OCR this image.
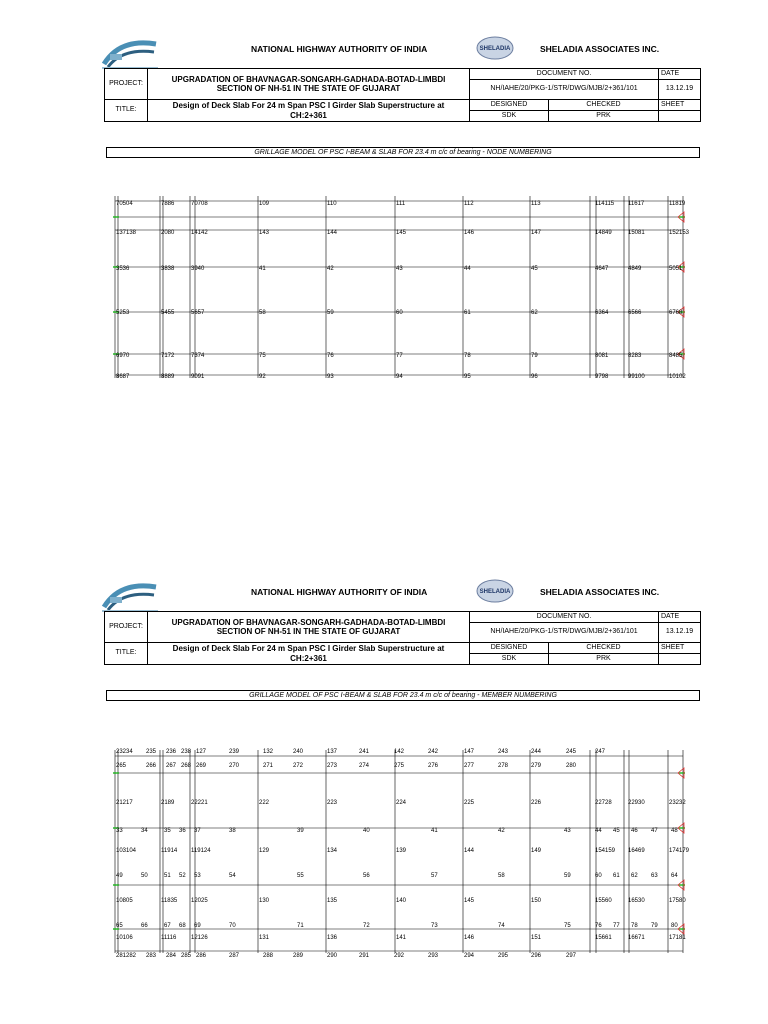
NATIONAL HIGHWAY AUTHORITY OF INDIA	SHELADIA	SHELADIA ASSOCIATES INC.
PROJECT:	UPGRADATION OF BHAVNAGAR-SONGARH-GADHADA-BOTAD-LIMBDI
SECTION OF NH-51 IN THE STATE OF GUJARAT	DOCUMENT NO.		DATE
		NH/IAHE/20/PKG-1/STR/DWG/MJB/2+361/101		13.12.19
TITLE:	Design of Deck Slab For 24 m Span PSC I Girder Slab Superstructure at
CH:2+361	DESIGNED	CHECKED	SHEET
		SDK	PRK	
GRILLAGE MODEL OF PSC I-BEAM & SLAB FOR 23.4 m c/c of bearing - NODE NUMBERING
70504	7886	70708	109	110	111	112	113	114115 11617	11819
137138	2080	14142	143	144	145	146	147	14849	15081	152153
3536	3838	3940	41	42	43	44	45	4647	4849	5051
5253	5455	5657	58	59	60	61	62	6364	6566	6768
6970	7172	7374	75	76	77	78	79	8081	8283	8485
8687	8889	9091	92	93	94	95	96	9798	99100	10102
NATIONAL HIGHWAY AUTHORITY OF INDIA	SHELADIA	SHELADIA ASSOCIATES INC.
PROJECT:	UPGRADATION OF BHAVNAGAR-SONGARH-GADHADA-BOTAD-LIMBDI
SECTION OF NH-51 IN THE STATE OF GUJARAT	DOCUMENT NO.		DATE
		NH/IAHE/20/PKG-1/STR/DWG/MJB/2+361/101		13.12.19
TITLE:	Design of Deck Slab For 24 m Span PSC I Girder Slab Superstructure at
CH:2+361	DESIGNED	CHECKED	SHEET
		SDK	PRK	
GRILLAGE MODEL OF PSC I-BEAM & SLAB FOR 23.4 m c/c of bearing - MEMBER NUMBERING
23234 235 236 238 127	239	132	240	137	241	142	242	147	243	244	245	247
265	266 267 268 269	270	271	272	273	274	275	276	277	278	279	280
21217	2189	22221	222	223	224	225	226	22728	22930	23232
33	34	35 36 37	38	39	40	41	42	43	44 45 46 47 48
103104	11914 119124	129	134	139	144	149	154159 16469	174179
49	50	51 52 53	54	55	56	57	58	59	60 61 62 63 64
10805	11835 12025	130	135	140	145	150	15560	16530	17580
65	66	67 68 69	70	71	72	73	74	75	76 77 78 79 80
10106	11116 12126	131	136	141	146	151	15661	16671	17181
281282 283 284 285 286	287	288	289	290	291	292	293	294	295	296	297
